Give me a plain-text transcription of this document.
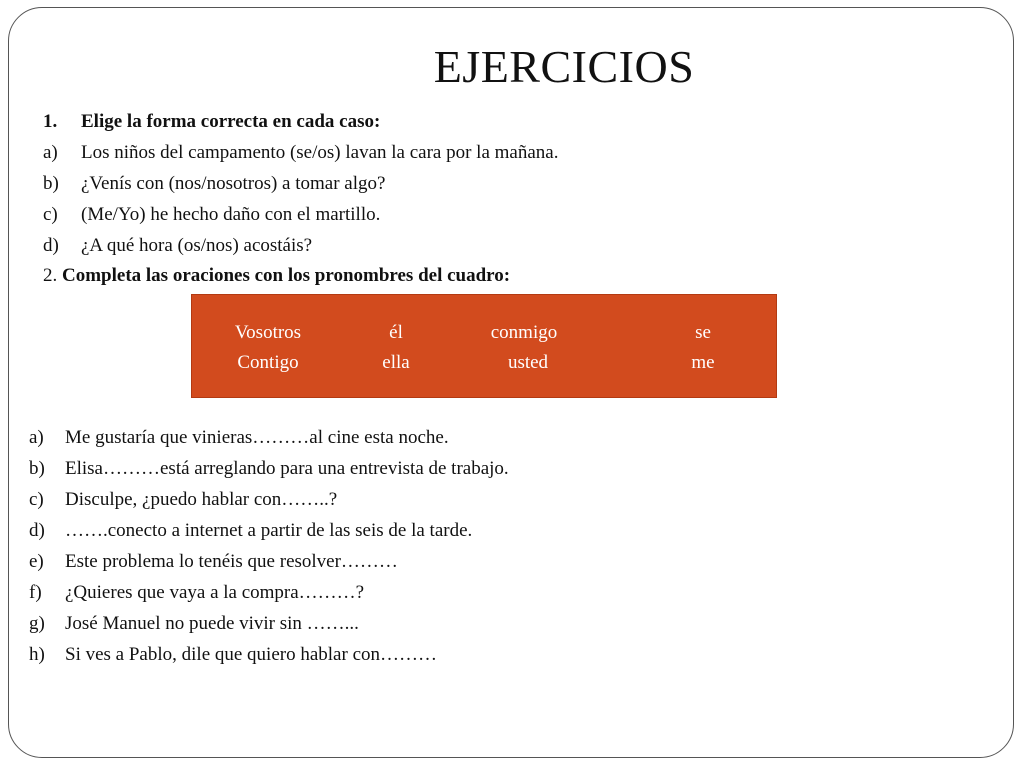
EJERCICIOS
1. Elige la forma correcta en cada caso:
a) Los niños del campamento (se/os) lavan la cara por la mañana.
b) ¿Venís con (nos/nosotros) a tomar algo?
c) (Me/Yo) he hecho daño con el martillo.
d) ¿A qué hora (os/nos) acostáis?
2. Completa las oraciones con los pronombres del cuadro:
Vosotros	él	conmigo	se
Contigo	ella	usted	me
a) Me gustaría que vinieras………al cine esta noche.
b) Elisa………está arreglando para una entrevista de trabajo.
c) Disculpe, ¿puedo hablar con……..?
d) …….conecto a internet a partir de las seis de la tarde.
e) Este problema lo tenéis que resolver………
f) ¿Quieres que vaya a la compra………?
g) José Manuel no puede vivir sin ……...
h) Si ves a Pablo, dile que quiero hablar con………
